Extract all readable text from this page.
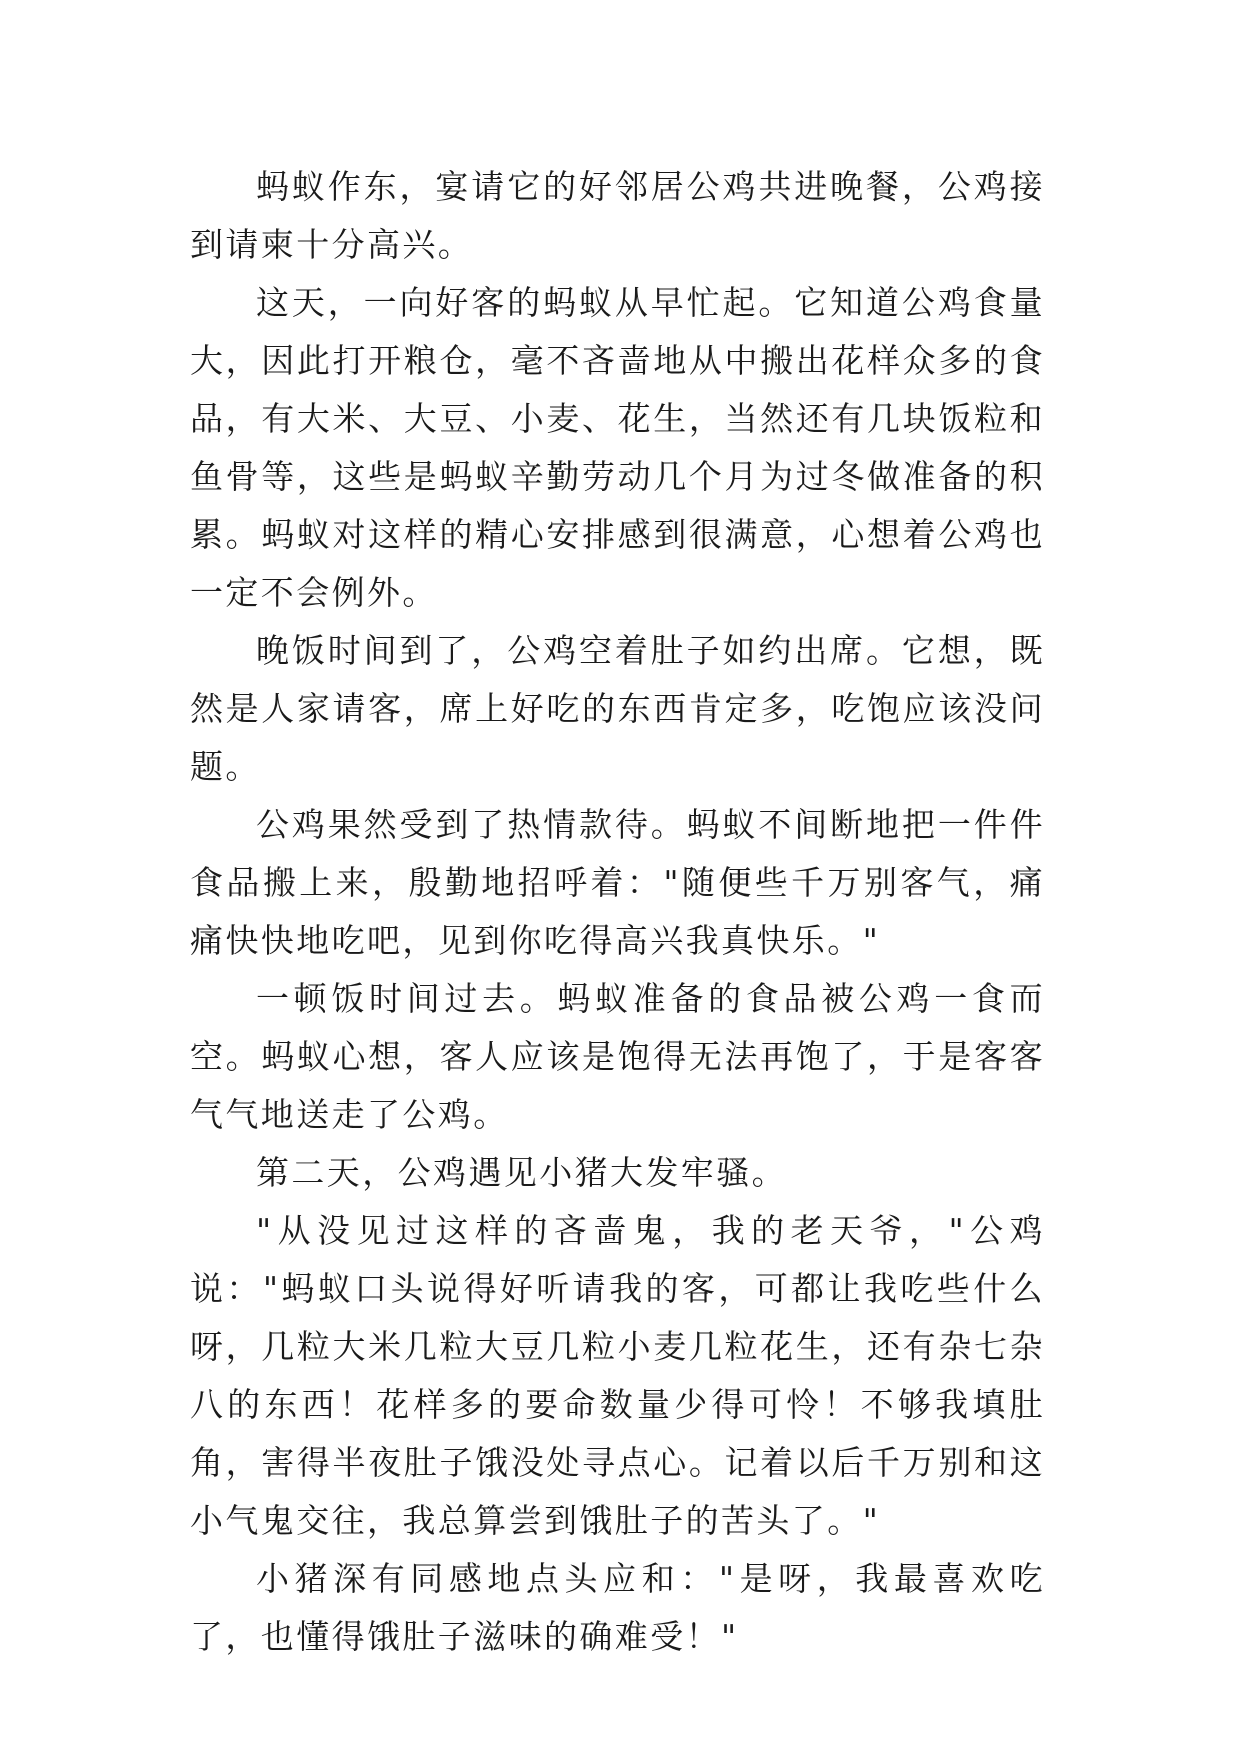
蚂蚁作东，宴请它的好邻居公鸡共进晚餐，公鸡接到请柬十分高兴。

这天，一向好客的蚂蚁从早忙起。它知道公鸡食量大，因此打开粮仓，毫不吝啬地从中搬出花样众多的食品，有大米、大豆、小麦、花生，当然还有几块饭粒和鱼骨等，这些是蚂蚁辛勤劳动几个月为过冬做准备的积累。蚂蚁对这样的精心安排感到很满意，心想着公鸡也一定不会例外。

晚饭时间到了，公鸡空着肚子如约出席。它想，既然是人家请客，席上好吃的东西肯定多，吃饱应该没问题。

公鸡果然受到了热情款待。蚂蚁不间断地把一件件食品搬上来，殷勤地招呼着："随便些千万别客气，痛痛快快地吃吧，见到你吃得高兴我真快乐。"

一顿饭时间过去。蚂蚁准备的食品被公鸡一食而空。蚂蚁心想，客人应该是饱得无法再饱了，于是客客气气地送走了公鸡。

第二天，公鸡遇见小猪大发牢骚。

"从没见过这样的吝啬鬼，我的老天爷，"公鸡说："蚂蚁口头说得好听请我的客，可都让我吃些什么呀，几粒大米几粒大豆几粒小麦几粒花生，还有杂七杂八的东西！花样多的要命数量少得可怜！不够我填肚角，害得半夜肚子饿没处寻点心。记着以后千万别和这小气鬼交往，我总算尝到饿肚子的苦头了。"

小猪深有同感地点头应和："是呀，我最喜欢吃了，也懂得饿肚子滋味的确难受！"
